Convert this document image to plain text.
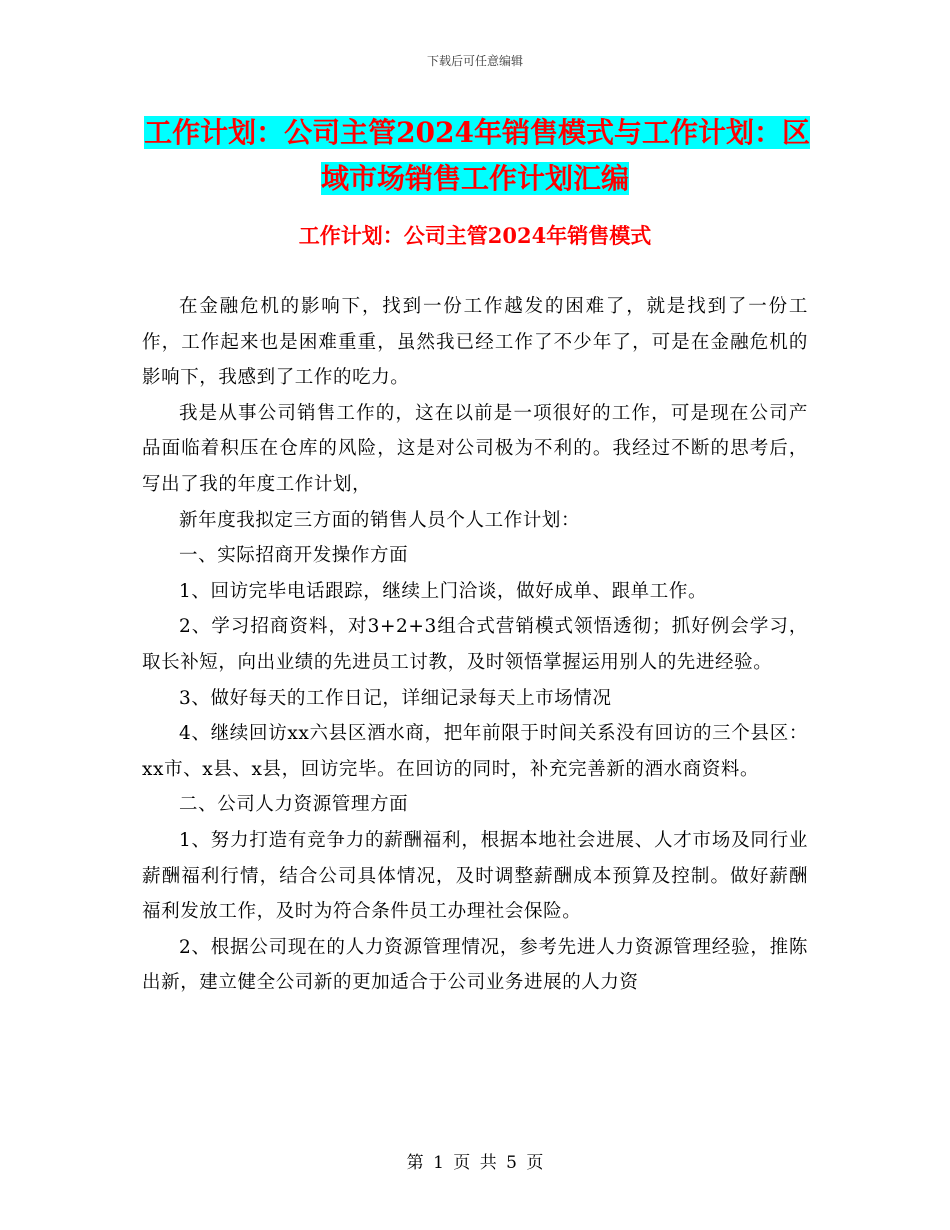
下载后可任意编辑
工作计划：公司主管2024年销售模式与工作计划：区
域市场销售工作计划汇编
工作计划：公司主管2024年销售模式

在金融危机的影响下，找到一份工作越发的困难了，就是找到了一份工作，工作起来也是困难重重，虽然我已经工作了不少年了，可是在金融危机的影响下，我感到了工作的吃力。

我是从事公司销售工作的，这在以前是一项很好的工作，可是现在公司产品面临着积压在仓库的风险，这是对公司极为不利的。我经过不断的思考后，写出了我的年度工作计划，

新年度我拟定三方面的销售人员个人工作计划：

一、实际招商开发操作方面

1、回访完毕电话跟踪，继续上门洽谈，做好成单、跟单工作。

2、学习招商资料，对3+2+3组合式营销模式领悟透彻；抓好例会学习，取长补短，向出业绩的先进员工讨教，及时领悟掌握运用别人的先进经验。

3、做好每天的工作日记，详细记录每天上市场情况

4、继续回访xx六县区酒水商，把年前限于时间关系没有回访的三个县区：xx市、x县、x县，回访完毕。在回访的同时，补充完善新的酒水商资料。

二、公司人力资源管理方面

1、努力打造有竞争力的薪酬福利，根据本地社会进展、人才市场及同行业薪酬福利行情，结合公司具体情况，及时调整薪酬成本预算及控制。做好薪酬福利发放工作，及时为符合条件员工办理社会保险。

2、根据公司现在的人力资源管理情况，参考先进人力资源管理经验，推陈出新，建立健全公司新的更加适合于公司业务进展的人力资

第 1 页 共 5 页
